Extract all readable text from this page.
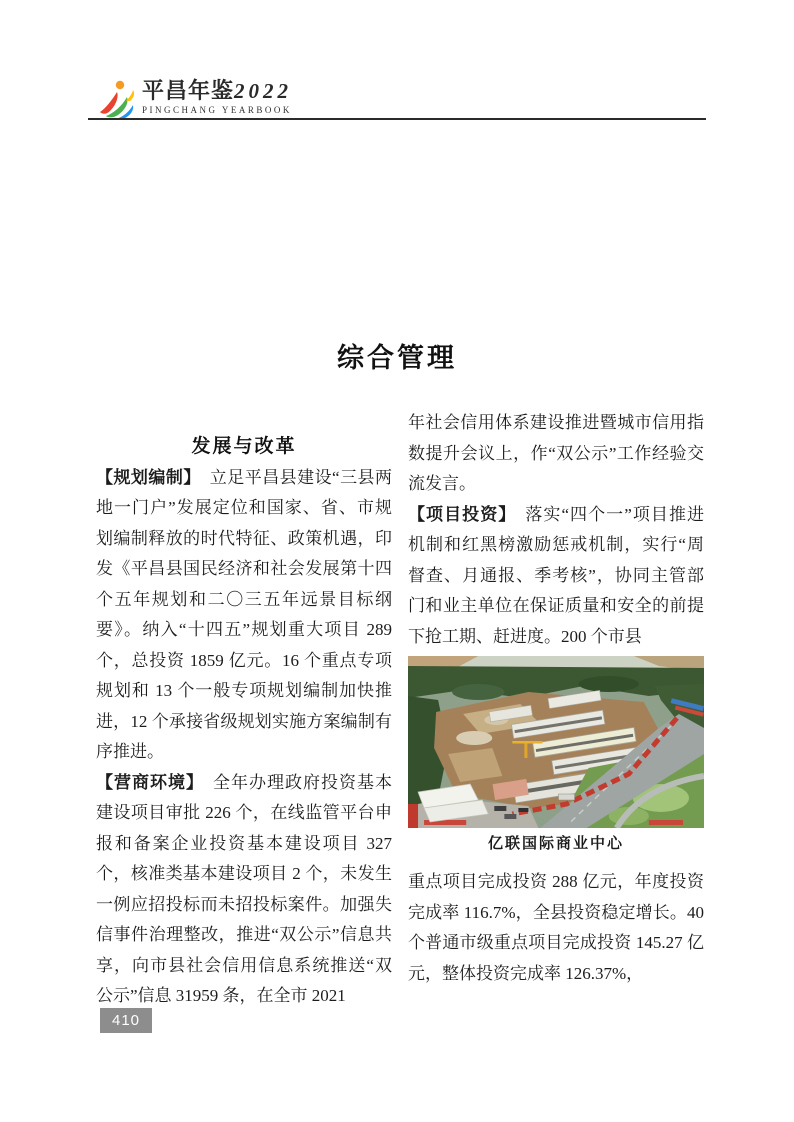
平昌年鉴2022
PINGCHANG YEARBOOK
综合管理
发展与改革

【规划编制】 立足平昌县建设“三县两地一门户”发展定位和国家、省、市规划编制释放的时代特征、政策机遇，印发《平昌县国民经济和社会发展第十四个五年规划和二〇三五年远景目标纲要》。纳入“十四五”规划重大项目 289 个，总投资 1859 亿元。16 个重点专项规划和 13 个一般专项规划编制加快推进，12 个承接省级规划实施方案编制有序推进。

【营商环境】 全年办理政府投资基本建设项目审批 226 个，在线监管平台申报和备案企业投资基本建设项目 327 个，核准类基本建设项目 2 个，未发生一例应招投标而未招投标案件。加强失信事件治理整改，推进“双公示”信息共享，向市县社会信用信息系统推送“双公示”信息 31959 条，在全市 2021

年社会信用体系建设推进暨城市信用指数提升会议上，作“双公示”工作经验交流发言。

【项目投资】 落实“四个一”项目推进机制和红黑榜激励惩戒机制，实行“周督查、月通报、季考核”，协同主管部门和业主单位在保证质量和安全的前提下抢工期、赶进度。200 个市县

亿联国际商业中心

重点项目完成投资 288 亿元，年度投资完成率 116.7%，全县投资稳定增长。40 个普通市级重点项目完成投资 145.27 亿元，整体投资完成率 126.37%，

410
